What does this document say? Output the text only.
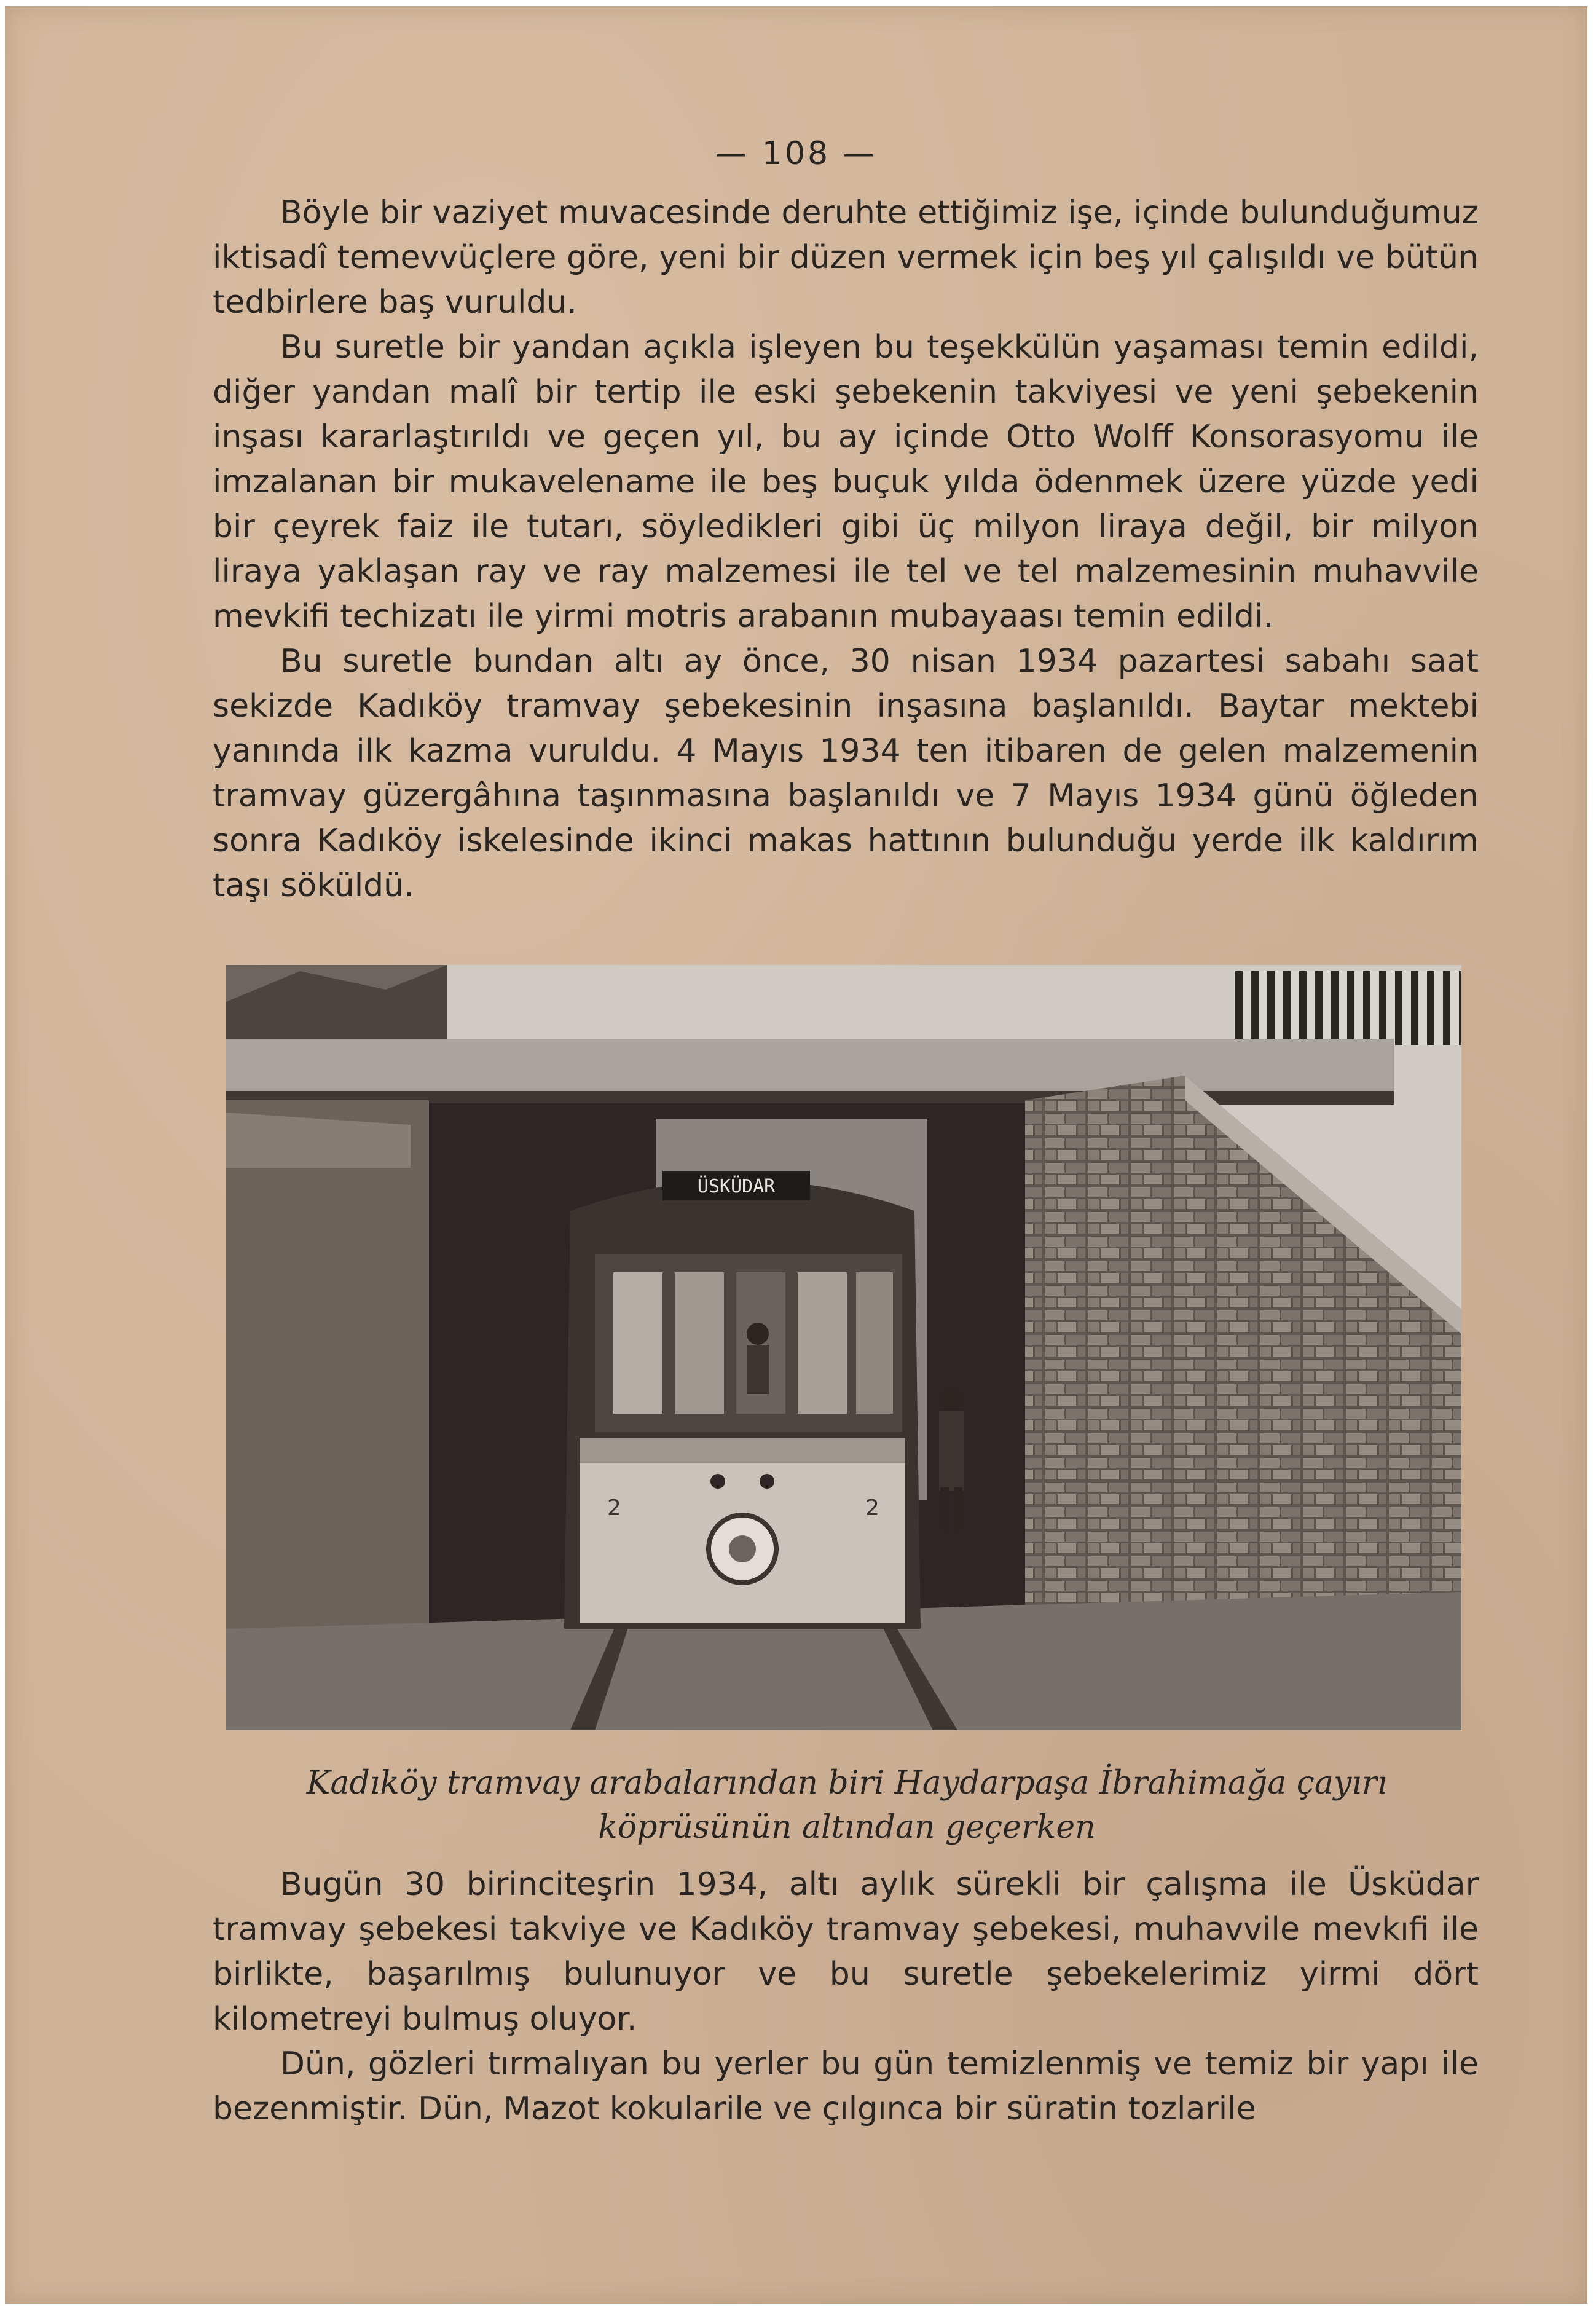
— 108 —

Böyle bir vaziyet muvacesinde deruhte ettiğimiz işe, içinde bulunduğumuz iktisadî temevvüçlere göre, yeni bir düzen vermek için beş yıl çalışıldı ve bütün tedbirlere baş vuruldu.

Bu suretle bir yandan açıkla işleyen bu teşekkülün yaşaması temin edildi, diğer yandan malî bir tertip ile eski şebekenin takviyesi ve yeni şebekenin inşası kararlaştırıldı ve geçen yıl, bu ay içinde Otto Wolff Konsorasyomu ile imzalanan bir mukavelename ile beş buçuk yılda ödenmek üzere yüzde yedi bir çeyrek faiz ile tutarı, söyledikleri gibi üç milyon liraya değil, bir milyon liraya yaklaşan ray ve ray malzemesi ile tel ve tel malzemesinin muhavvile mevkifi techizatı ile yirmi motris arabanın mubayaası temin edildi.

Bu suretle bundan altı ay önce, 30 nisan 1934 pazartesi sabahı saat sekizde Kadıköy tramvay şebekesinin inşasına başlanıldı. Baytar mektebi yanında ilk kazma vuruldu. 4 Mayıs 1934 ten itibaren de gelen malzemenin tramvay güzergâhına taşınmasına başlanıldı ve 7 Mayıs 1934 günü öğleden sonra Kadıköy iskelesinde ikinci makas hattının bulunduğu yerde ilk kaldırım taşı söküldü.

ÜSKÜDAR
2	2
Kadıköy tramvay arabalarından biri Haydarpaşa İbrahimağa çayırı
köprüsünün altından geçerken

Bugün 30 birinciteşrin 1934, altı aylık sürekli bir çalışma ile Üsküdar tramvay şebekesi takviye ve Kadıköy tramvay şebekesi, muhavvile mevkıfi ile birlikte, başarılmış bulunuyor ve bu suretle şebekelerimiz yirmi dört kilometreyi bulmuş oluyor.

Dün, gözleri tırmalıyan bu yerler bu gün temizlenmiş ve temiz bir yapı ile bezenmiştir. Dün, Mazot kokularile ve çılgınca bir süratin tozlarile
